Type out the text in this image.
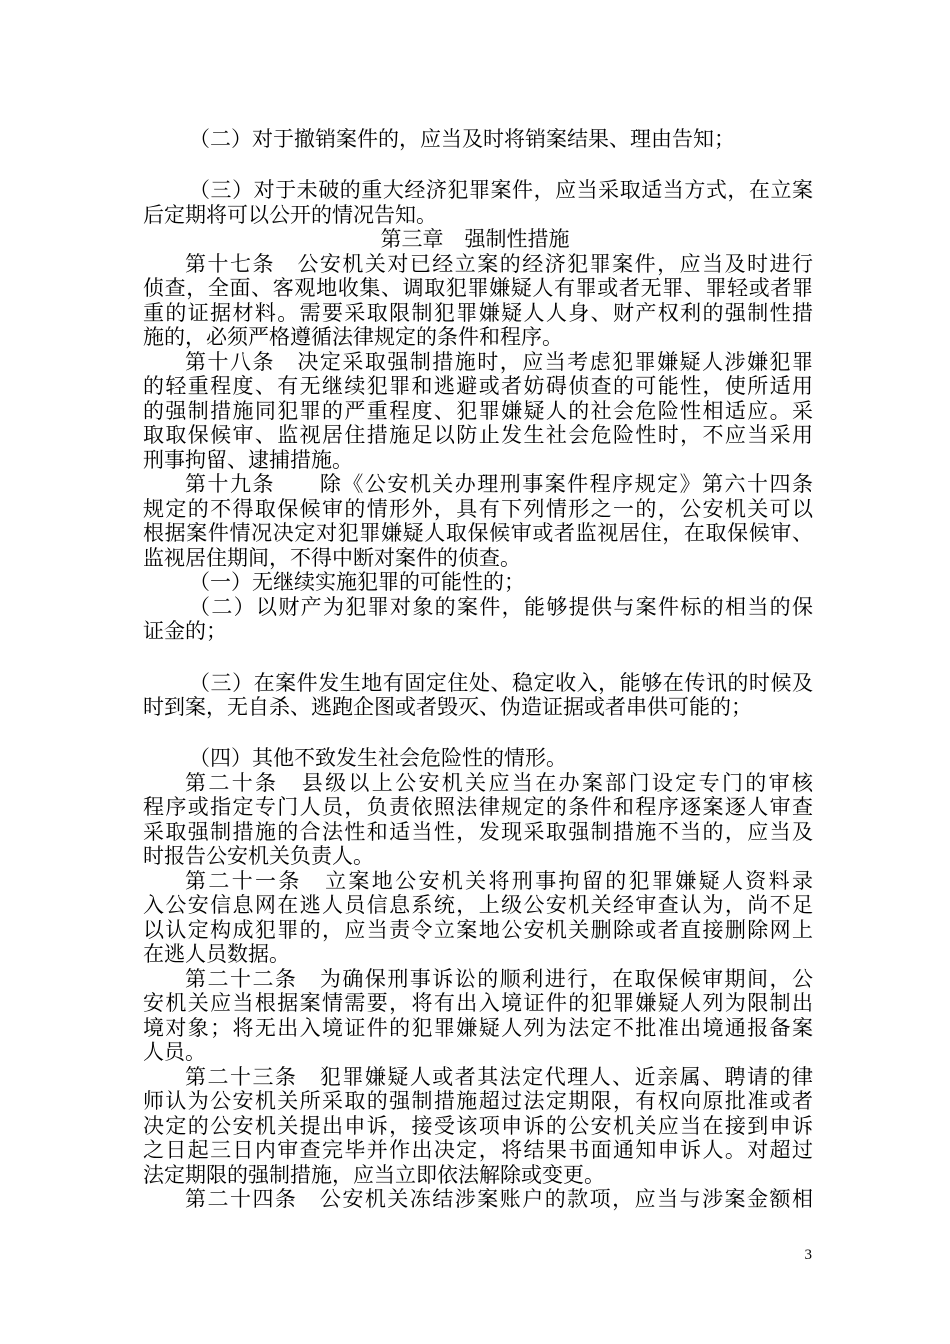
（二）对于撤销案件的，应当及时将销案结果、理由告知；
（三）对于未破的重大经济犯罪案件，应当采取适当方式，在立案
后定期将可以公开的情况告知。
第三章　强制性措施
第十七条　公安机关对已经立案的经济犯罪案件，应当及时进行
侦查，全面、客观地收集、调取犯罪嫌疑人有罪或者无罪、罪轻或者罪
重的证据材料。需要采取限制犯罪嫌疑人人身、财产权利的强制性措
施的，必须严格遵循法律规定的条件和程序。
第十八条　决定采取强制措施时，应当考虑犯罪嫌疑人涉嫌犯罪
的轻重程度、有无继续犯罪和逃避或者妨碍侦查的可能性，使所适用
的强制措施同犯罪的严重程度、犯罪嫌疑人的社会危险性相适应。采
取取保候审、监视居住措施足以防止发生社会危险性时，不应当采用
刑事拘留、逮捕措施。
第十九条　　除《公安机关办理刑事案件程序规定》第六十四条
规定的不得取保候审的情形外，具有下列情形之一的，公安机关可以
根据案件情况决定对犯罪嫌疑人取保候审或者监视居住，在取保候审、
监视居住期间，不得中断对案件的侦查。
（一）无继续实施犯罪的可能性的；
（二）以财产为犯罪对象的案件，能够提供与案件标的相当的保
证金的；
（三）在案件发生地有固定住处、稳定收入，能够在传讯的时候及
时到案，无自杀、逃跑企图或者毁灭、伪造证据或者串供可能的；
（四）其他不致发生社会危险性的情形。
第二十条　县级以上公安机关应当在办案部门设定专门的审核
程序或指定专门人员，负责依照法律规定的条件和程序逐案逐人审查
采取强制措施的合法性和适当性，发现采取强制措施不当的，应当及
时报告公安机关负责人。
第二十一条　立案地公安机关将刑事拘留的犯罪嫌疑人资料录
入公安信息网在逃人员信息系统，上级公安机关经审查认为，尚不足
以认定构成犯罪的，应当责令立案地公安机关删除或者直接删除网上
在逃人员数据。
第二十二条　为确保刑事诉讼的顺利进行，在取保候审期间，公
安机关应当根据案情需要，将有出入境证件的犯罪嫌疑人列为限制出
境对象；将无出入境证件的犯罪嫌疑人列为法定不批准出境通报备案
人员。
第二十三条　犯罪嫌疑人或者其法定代理人、近亲属、聘请的律
师认为公安机关所采取的强制措施超过法定期限，有权向原批准或者
决定的公安机关提出申诉，接受该项申诉的公安机关应当在接到申诉
之日起三日内审查完毕并作出决定，将结果书面通知申诉人。对超过
法定期限的强制措施，应当立即依法解除或变更。
第二十四条　公安机关冻结涉案账户的款项，应当与涉案金额相
3
